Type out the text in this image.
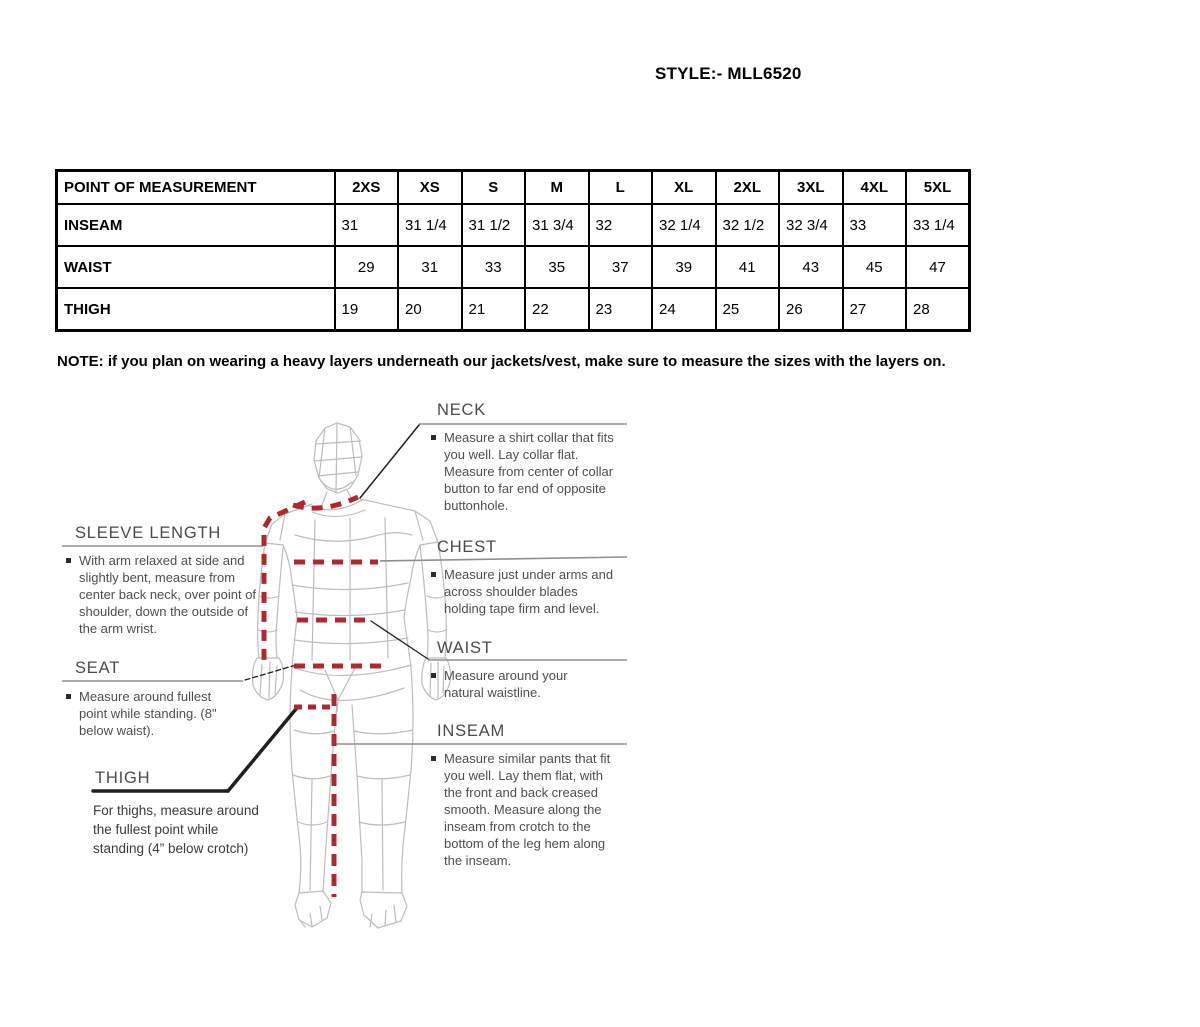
STYLE:- MLL6520
POINT OF MEASUREMENT	2XS	XS	S	M	L	XL	2XL	3XL	4XL	5XL
INSEAM	31	31 1/4	31 1/2	31 3/4	32	32 1/4	32 1/2	32 3/4	33	33 1/4
WAIST	29	31	33	35	37	39	41	43	45	47
THIGH	19	20	21	22	23	24	25	26	27	28
NOTE: if you plan on wearing a heavy layers underneath our jackets/vest, make sure to measure the sizes with the layers on.
SLEEVE LENGTH

With arm relaxed at side and slightly bent, measure from center back neck, over point of shoulder, down the outside of the arm wrist.

SEAT

Measure around fullest point while standing. (8" below waist).

THIGH

For thighs, measure around the fullest point while standing (4” below crotch)

NECK

Measure a shirt collar that fits you well. Lay collar flat. Measure from center of collar button to far end of opposite buttonhole.

CHEST

Measure just under arms and across shoulder blades holding tape firm and level.

WAIST

Measure around your natural waistline.

INSEAM

Measure similar pants that fit you well. Lay them flat, with the front and back creased smooth. Measure along the inseam from crotch to the bottom of the leg hem along the inseam.
